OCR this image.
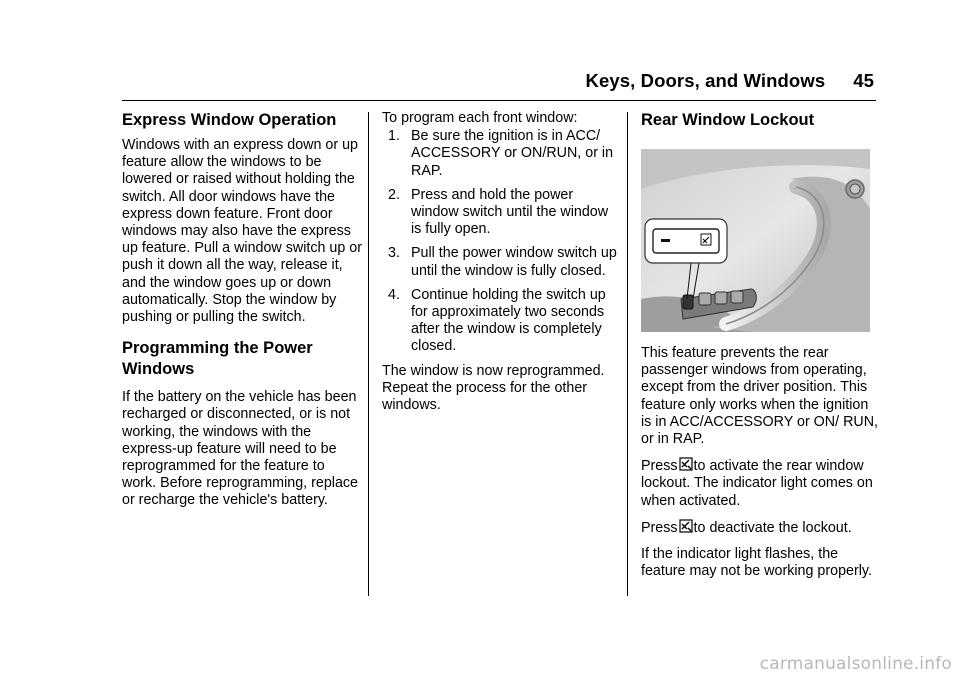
Keys, Doors, and Windows 45
Express Window Operation

Windows with an express down or up feature allow the windows to be lowered or raised without holding the switch. All door windows have the express down feature. Front door windows may also have the express up feature. Pull a window switch up or push it down all the way, release it, and the window goes up or down automatically. Stop the window by pushing or pulling the switch.

Programming the Power Windows

If the battery on the vehicle has been recharged or disconnected, or is not working, the windows with the express-up feature will need to be reprogrammed for the feature to work. Before reprogramming, replace or recharge the vehicle's battery.

To program each front window:

1. Be sure the ignition is in ACC/ ACCESSORY or ON/RUN, or in RAP.
2. Press and hold the power window switch until the window is fully open.
3. Pull the power window switch up until the window is fully closed.
4. Continue holding the switch up for approximately two seconds after the window is completely closed.

The window is now reprogrammed. Repeat the process for the other windows.

Rear Window Lockout

This feature prevents the rear passenger windows from operating, except from the driver position. This feature only works when the ignition is in ACC/ACCESSORY or ON/ RUN, or in RAP.

Press to activate the rear window lockout. The indicator light comes on when activated.

Press to deactivate the lockout.

If the indicator light flashes, the feature may not be working properly.

carmanualsonline.info
